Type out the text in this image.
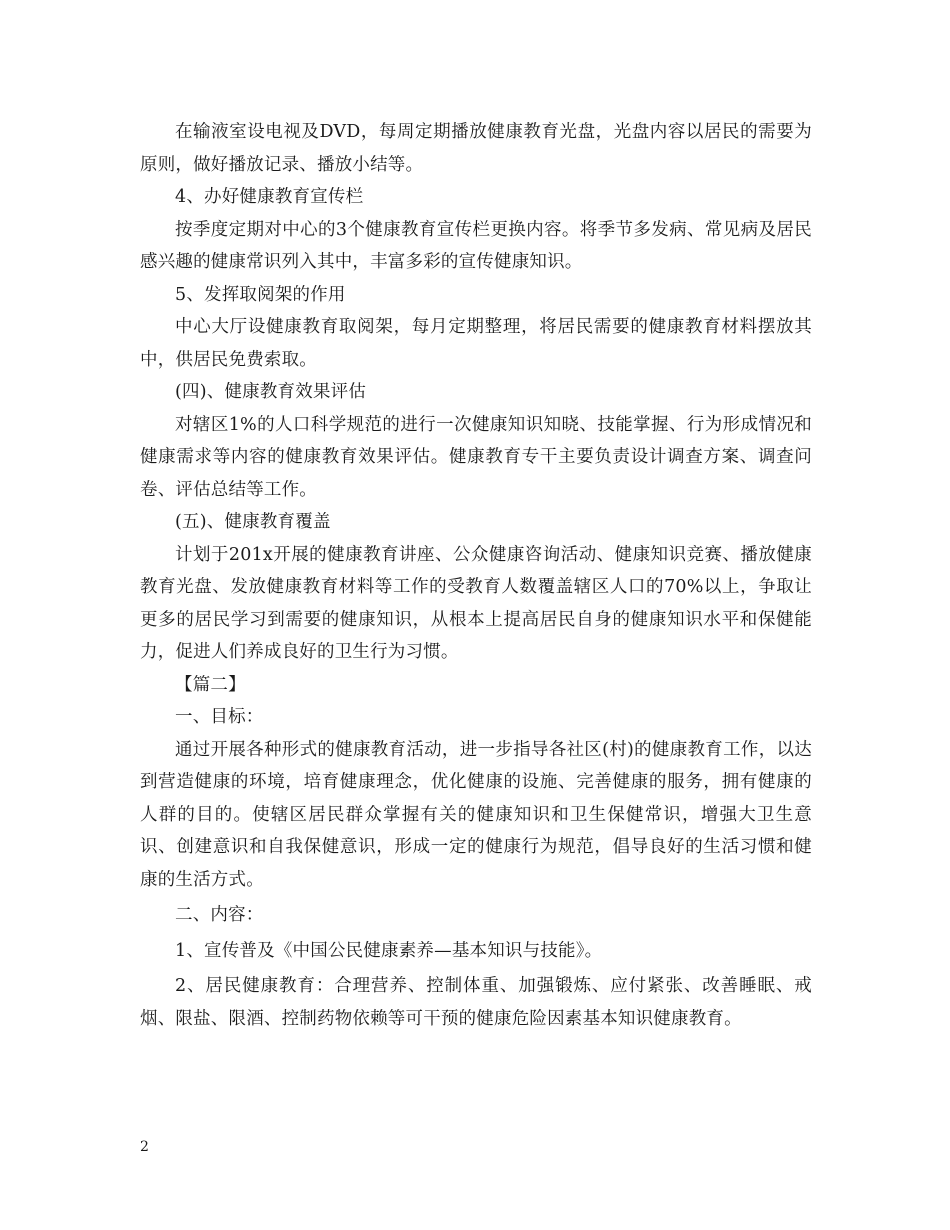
在输液室设电视及DVD，每周定期播放健康教育光盘，光盘内容以居民的需要为原则，做好播放记录、播放小结等。

4、办好健康教育宣传栏

按季度定期对中心的3个健康教育宣传栏更换内容。将季节多发病、常见病及居民感兴趣的健康常识列入其中，丰富多彩的宣传健康知识。

5、发挥取阅架的作用

中心大厅设健康教育取阅架，每月定期整理，将居民需要的健康教育材料摆放其中，供居民免费索取。

(四)、健康教育效果评估

对辖区1%的人口科学规范的进行一次健康知识知晓、技能掌握、行为形成情况和健康需求等内容的健康教育效果评估。健康教育专干主要负责设计调查方案、调查问卷、评估总结等工作。

(五)、健康教育覆盖

计划于201x开展的健康教育讲座、公众健康咨询活动、健康知识竞赛、播放健康教育光盘、发放健康教育材料等工作的受教育人数覆盖辖区人口的70%以上，争取让更多的居民学习到需要的健康知识，从根本上提高居民自身的健康知识水平和保健能力，促进人们养成良好的卫生行为习惯。

【篇二】

一、目标：

通过开展各种形式的健康教育活动，进一步指导各社区(村)的健康教育工作，以达到营造健康的环境，培育健康理念，优化健康的设施、完善健康的服务，拥有健康的人群的目的。使辖区居民群众掌握有关的健康知识和卫生保健常识，增强大卫生意识、创建意识和自我保健意识，形成一定的健康行为规范，倡导良好的生活习惯和健康的生活方式。

二、内容：

1、宣传普及《中国公民健康素养—基本知识与技能》。

2、居民健康教育：合理营养、控制体重、加强锻炼、应付紧张、改善睡眠、戒烟、限盐、限酒、控制药物依赖等可干预的健康危险因素基本知识健康教育。

2
